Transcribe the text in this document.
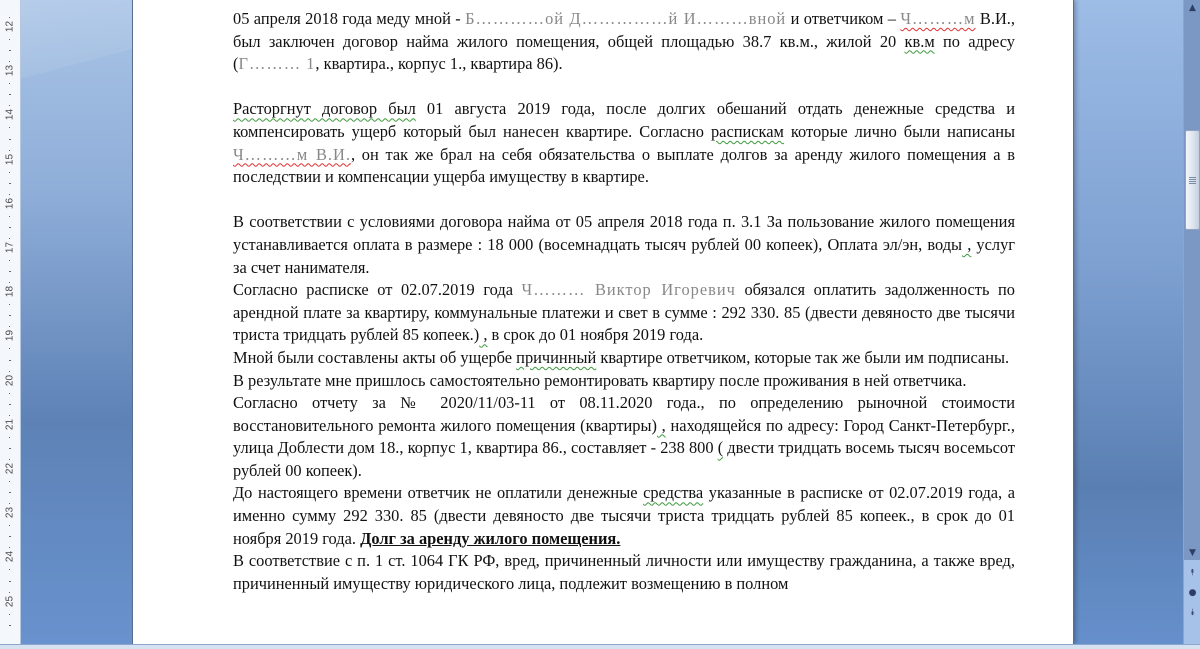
12
13
14
15
16
17
18
19
20
21
22
23
24
25

05 апреля 2018 года меду мной - Б…………ой Д……………й И………вной и ответчиком – Ч………м В.И., был заключен договор найма жилого помещения, общей площадью 38.7 кв.м., жилой 20 кв.м по адресу (Г……… 1, квартира., корпус 1., квартира 86).

Расторгнут договор был 01 августа 2019 года, после долгих обешаний отдать денежные средства и компенсировать ущерб который был нанесен квартире. Согласно распискам которые лично были написаны Ч………м В.И., он так же брал на себя обязательства о выплате долгов за аренду жилого помещения а в последствии и компенсации ущерба имуществу в квартире.

В соответствии с условиями договора найма от 05 апреля 2018 года п. 3.1 За пользование жилого помещения устанавливается оплата в размере : 18 000 (восемнадцать тысяч рублей 00 копеек), Оплата эл/эн, воды , услуг за счет нанимателя.

Согласно расписке от 02.07.2019 года Ч……… Виктор Игоревич обязался оплатить задолженность по арендной плате за квартиру, коммунальные платежи и свет в сумме : 292 330. 85 (двести девяносто две тысячи триста тридцать рублей 85 копеек.) , в срок до 01 ноября 2019 года.

Мной были составлены акты об ущербе причинный квартире ответчиком, которые так же были им подписаны.

В результате мне пришлось самостоятельно ремонтировать квартиру после проживания в ней ответчика.

Согласно отчету за № 2020/11/03-11 от 08.11.2020 года., по определению рыночной стоимости восстановительного ремонта жилого помещения (квартиры) , находящейся по адресу: Город Санкт-Петербург., улица Доблести дом 18., корпус 1, квартира 86., составляет - 238 800 ( двести тридцать восемь тысяч восемьсот рублей 00 копеек).

До настоящего времени ответчик не оплатили денежные средства указанные в расписке от 02.07.2019 года, а именно сумму 292 330. 85 (двести девяносто две тысячи триста тридцать рублей 85 копеек., в срок до 01 ноября 2019 года. Долг за аренду жилого помещения.

В соответствие с п. 1 ст. 1064 ГК РФ, вред, причиненный личности или имуществу гражданина, а также вред, причиненный имуществу юридического лица, подлежит возмещению в полном

▲
▼
⯭
●
⯯
